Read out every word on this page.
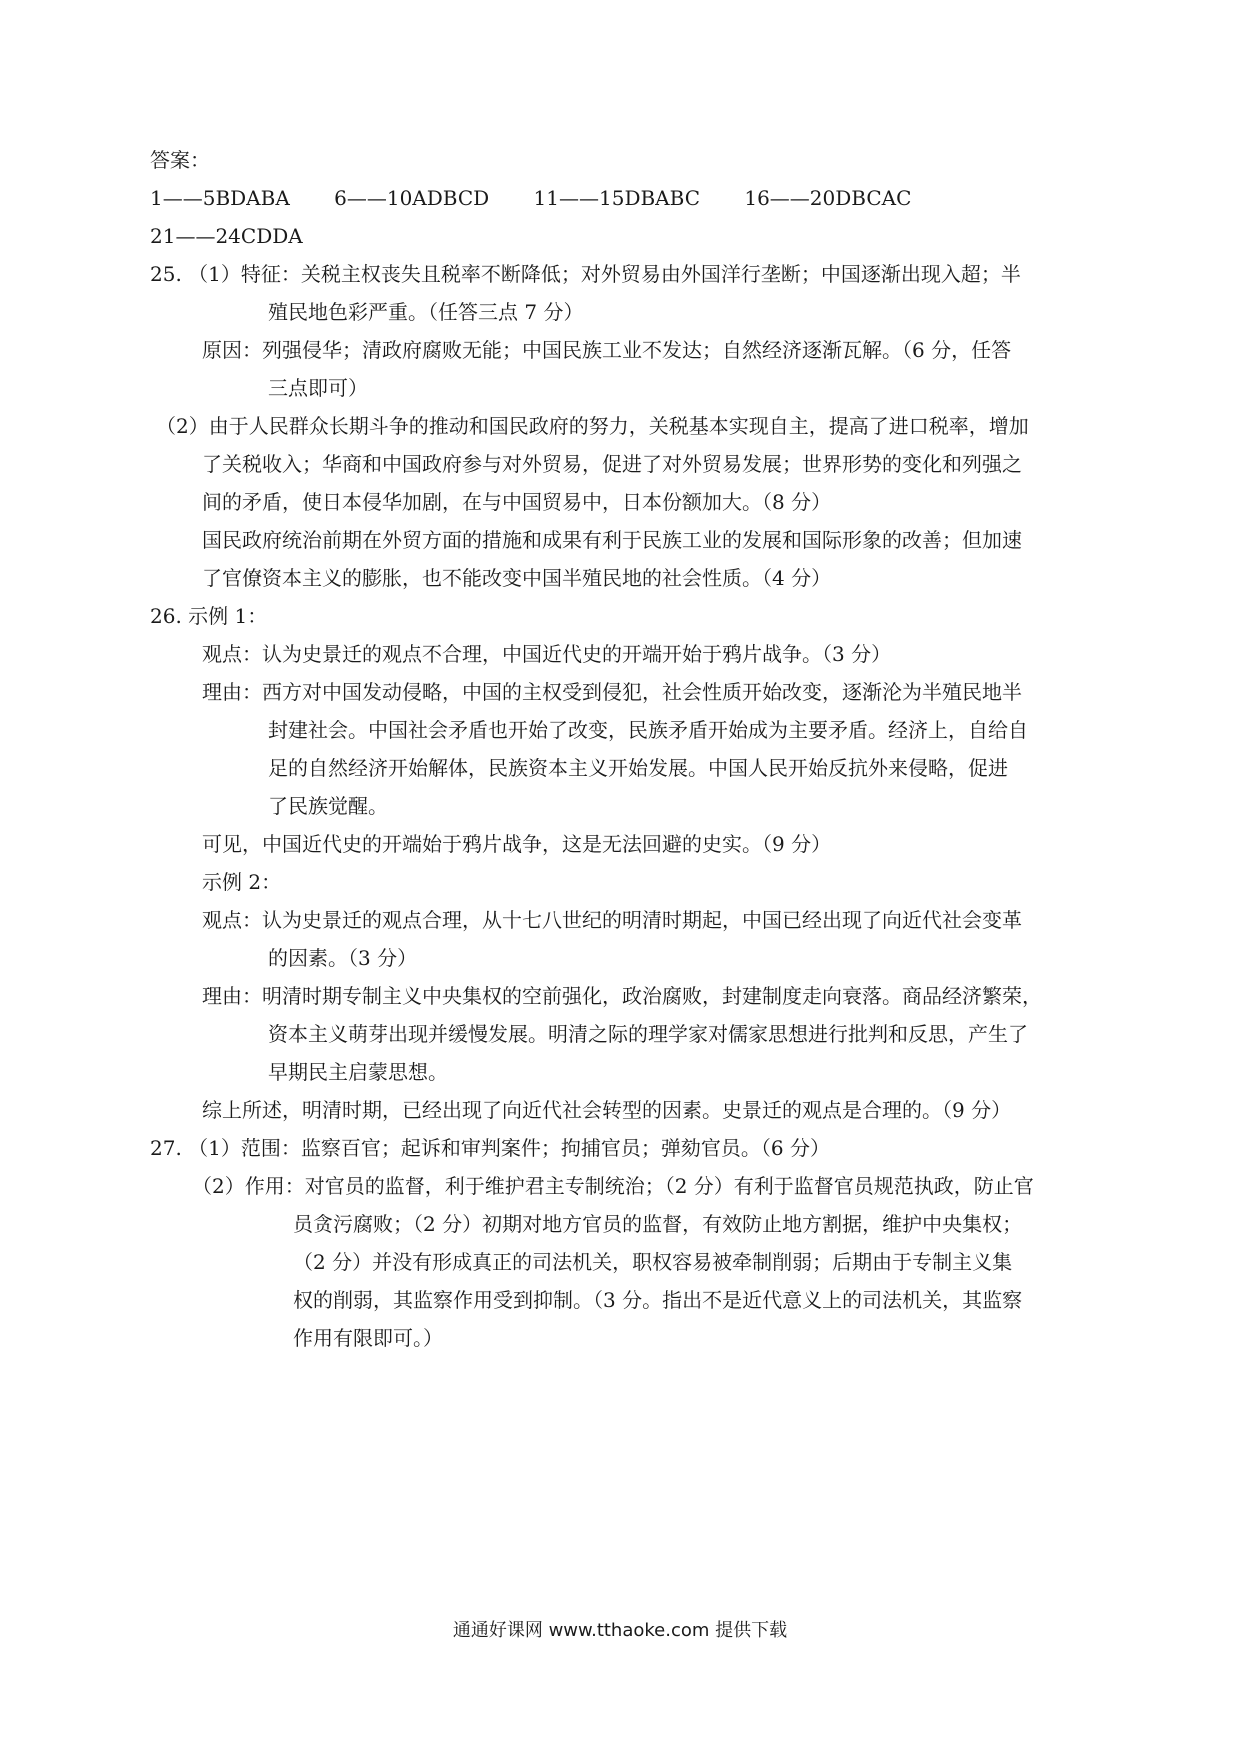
答案：
1——5BDABA 6——10ADBCD 11——15DBABC 16——20DBCAC
21——24CDDA
25. （1）特征：关税主权丧失且税率不断降低；对外贸易由外国洋行垄断；中国逐渐出现入超；半
殖民地色彩严重。（任答三点 7 分）
原因：列强侵华；清政府腐败无能；中国民族工业不发达；自然经济逐渐瓦解。（6 分，任答
三点即可）
（2）由于人民群众长期斗争的推动和国民政府的努力，关税基本实现自主，提高了进口税率，增加
了关税收入；华商和中国政府参与对外贸易，促进了对外贸易发展；世界形势的变化和列强之
间的矛盾，使日本侵华加剧，在与中国贸易中，日本份额加大。（8 分）
国民政府统治前期在外贸方面的措施和成果有利于民族工业的发展和国际形象的改善；但加速
了官僚资本主义的膨胀，也不能改变中国半殖民地的社会性质。（4 分）
26. 示例 1：
观点：认为史景迁的观点不合理，中国近代史的开端开始于鸦片战争。（3 分）
理由：西方对中国发动侵略，中国的主权受到侵犯，社会性质开始改变，逐渐沦为半殖民地半
封建社会。中国社会矛盾也开始了改变，民族矛盾开始成为主要矛盾。经济上，自给自
足的自然经济开始解体，民族资本主义开始发展。中国人民开始反抗外来侵略，促进
了民族觉醒。
可见，中国近代史的开端始于鸦片战争，这是无法回避的史实。（9 分）
示例 2：
观点：认为史景迁的观点合理，从十七八世纪的明清时期起，中国已经出现了向近代社会变革
的因素。（3 分）
理由：明清时期专制主义中央集权的空前强化，政治腐败，封建制度走向衰落。商品经济繁荣，
资本主义萌芽出现并缓慢发展。明清之际的理学家对儒家思想进行批判和反思，产生了
早期民主启蒙思想。
综上所述，明清时期，已经出现了向近代社会转型的因素。史景迁的观点是合理的。（9 分）
27. （1）范围：监察百官；起诉和审判案件；拘捕官员；弹劾官员。（6 分）
（2）作用：对官员的监督，利于维护君主专制统治；（2 分）有利于监督官员规范执政，防止官
员贪污腐败；（2 分）初期对地方官员的监督，有效防止地方割据，维护中央集权；
（2 分）并没有形成真正的司法机关，职权容易被牵制削弱；后期由于专制主义集
权的削弱，其监察作用受到抑制。（3 分。指出不是近代意义上的司法机关，其监察
作用有限即可。）
通通好课网 www.tthaoke.com 提供下载
